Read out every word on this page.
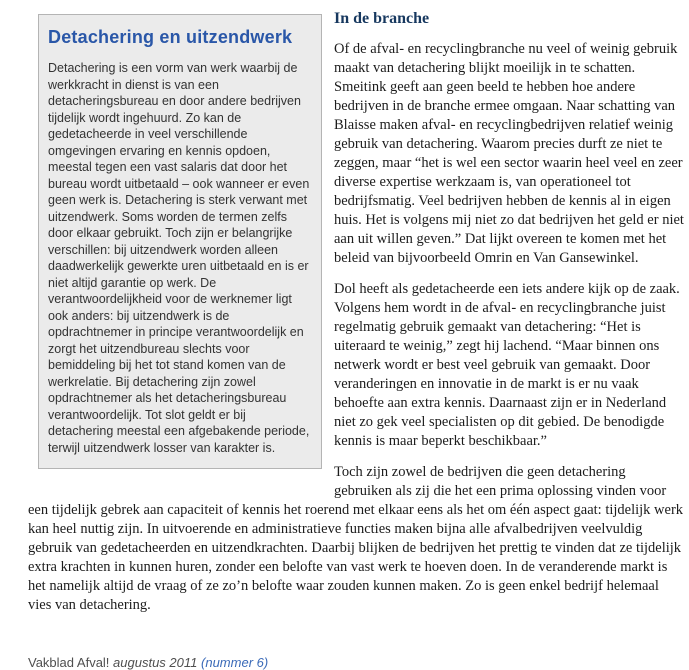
Detachering en uitzendwerk

Detachering is een vorm van werk waarbij de werkkracht in dienst is van een detacheringsbureau en door andere bedrijven tijdelijk wordt ingehuurd. Zo kan de gedetacheerde in veel verschillende omgevingen ervaring en kennis opdoen, meestal tegen een vast salaris dat door het bureau wordt uitbetaald – ook wanneer er even geen werk is. Detachering is sterk verwant met uitzendwerk. Soms worden de termen zelfs door elkaar gebruikt. Toch zijn er belangrijke verschillen: bij uitzendwerk worden alleen daadwerkelijk gewerkte uren uitbetaald en is er niet altijd garantie op werk. De verantwoordelijkheid voor de werknemer ligt ook anders: bij uitzendwerk is de opdrachtnemer in principe verantwoordelijk en zorgt het uitzendbureau slechts voor bemiddeling bij het tot stand komen van de werkrelatie. Bij detachering zijn zowel opdrachtnemer als het detacheringsbureau verantwoordelijk. Tot slot geldt er bij detachering meestal een afgebakende periode, terwijl uitzendwerk losser van karakter is.

In de branche

Of de afval- en recyclingbranche nu veel of weinig gebruik maakt van detachering blijkt moeilijk in te schatten. Smeitink geeft aan geen beeld te hebben hoe andere bedrijven in de branche ermee omgaan. Naar schatting van Blaisse maken afval- en recyclingbedrijven relatief weinig gebruik van detachering. Waarom precies durft ze niet te zeggen, maar “het is wel een sector waarin heel veel en zeer diverse expertise werkzaam is, van operationeel tot bedrijfsmatig. Veel bedrijven hebben de kennis al in eigen huis. Het is volgens mij niet zo dat bedrijven het geld er niet aan uit willen geven.” Dat lijkt overeen te komen met het beleid van bijvoorbeeld Omrin en Van Gansewinkel.

Dol heeft als gedetacheerde een iets andere kijk op de zaak. Volgens hem wordt in de afval- en recyclingbranche juist regelmatig gebruik gemaakt van detachering: “Het is uiteraard te weinig,” zegt hij lachend. “Maar binnen ons netwerk wordt er best veel gebruik van gemaakt. Door veranderingen en innovatie in de markt is er nu vaak behoefte aan extra kennis. Daarnaast zijn er in Nederland niet zo gek veel specialisten op dit gebied. De benodigde kennis is maar beperkt beschikbaar.”

Toch zijn zowel de bedrijven die geen detachering gebruiken als zij die het een prima oplossing vinden voor een tijdelijk gebrek aan capaciteit of kennis het roerend met elkaar eens als het om één aspect gaat: tijdelijk werk kan heel nuttig zijn. In uitvoerende en administratieve functies maken bijna alle afvalbedrijven veelvuldig gebruik van gedetacheerden en uitzendkrachten. Daarbij blijken de bedrijven het prettig te vinden dat ze tijdelijk extra krachten in kunnen huren, zonder een belofte van vast werk te hoeven doen. In de veranderende markt is het namelijk altijd de vraag of ze zo’n belofte waar zouden kunnen maken. Zo is geen enkel bedrijf helemaal vies van detachering.

Vakblad Afval! augustus 2011 (nummer 6)
